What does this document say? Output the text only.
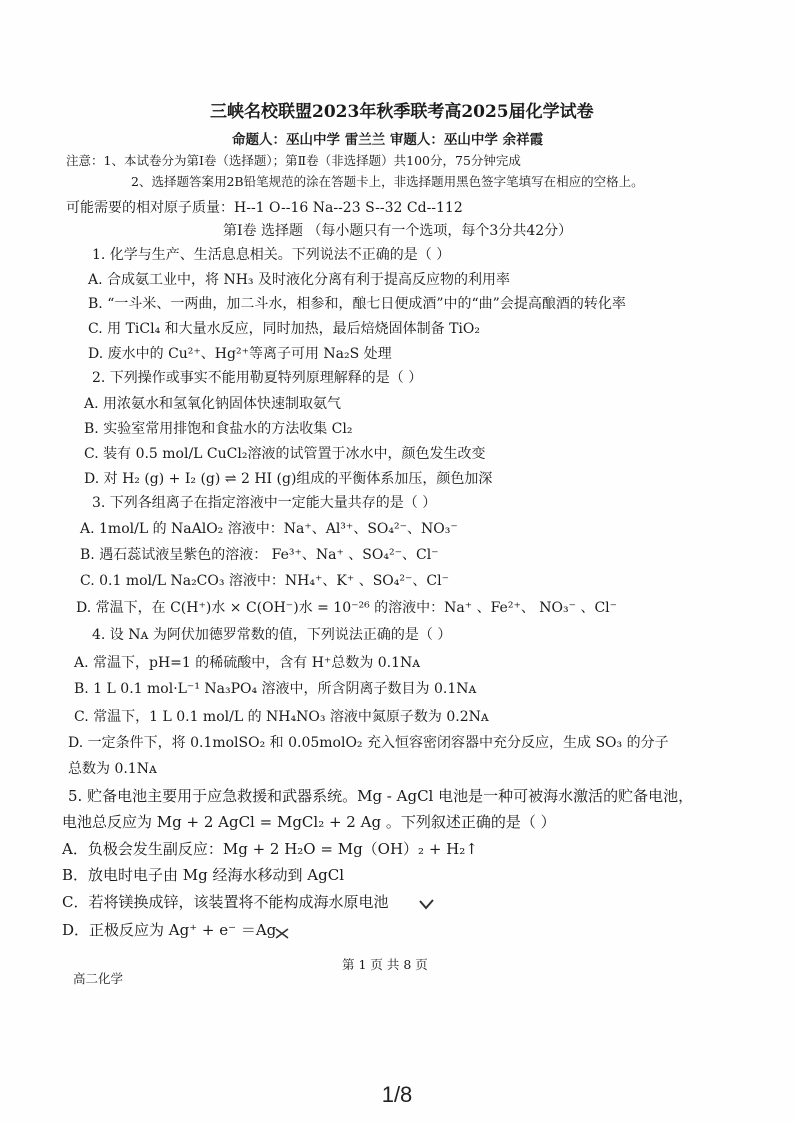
三峡名校联盟2023年秋季联考高2025届化学试卷
命题人：巫山中学 雷兰兰 审题人：巫山中学 余祥霞
注意：1、本试卷分为第Ⅰ卷（选择题）；第Ⅱ卷（非选择题）共100分，75分钟完成
2、选择题答案用2B铅笔规范的涂在答题卡上，非选择题用黑色签字笔填写在相应的空格上。
可能需要的相对原子质量：H--1 O--16 Na--23 S--32 Cd--112
第Ⅰ卷 选择题 （每小题只有一个选项，每个3分共42分）
1. 化学与生产、生活息息相关。下列说法不正确的是（ ）
A. 合成氨工业中，将 NH₃ 及时液化分离有利于提高反应物的利用率
B. “一斗米、一两曲，加二斗水，相参和，酿七日便成酒”中的“曲”会提高酿酒的转化率
C. 用 TiCl₄ 和大量水反应，同时加热，最后焙烧固体制备 TiO₂
D. 废水中的 Cu²⁺、Hg²⁺等离子可用 Na₂S 处理
2. 下列操作或事实不能用勒夏特列原理解释的是（ ）
A. 用浓氨水和氢氧化钠固体快速制取氨气
B. 实验室常用排饱和食盐水的方法收集 Cl₂
C. 装有 0.5 mol/L CuCl₂溶液的试管置于冰水中，颜色发生改变
D. 对 H₂ (g) + I₂ (g) ⇌ 2 HI (g)组成的平衡体系加压，颜色加深
3. 下列各组离子在指定溶液中一定能大量共存的是（ ）
A. 1mol/L 的 NaAlO₂ 溶液中：Na⁺、Al³⁺、SO₄²⁻、NO₃⁻
B. 遇石蕊试液呈紫色的溶液： Fe³⁺、Na⁺ 、SO₄²⁻、Cl⁻
C. 0.1 mol/L Na₂CO₃ 溶液中：NH₄⁺、K⁺ 、SO₄²⁻、Cl⁻
D. 常温下，在 C(H⁺)水 × C(OH⁻)水 = 10⁻²⁶ 的溶液中：Na⁺ 、Fe²⁺、 NO₃⁻ 、Cl⁻
4. 设 Nᴀ 为阿伏加德罗常数的值，下列说法正确的是（ ）
A. 常温下，pH=1 的稀硫酸中，含有 H⁺总数为 0.1Nᴀ
B. 1 L 0.1 mol·L⁻¹ Na₃PO₄ 溶液中，所含阴离子数目为 0.1Nᴀ
C. 常温下，1 L 0.1 mol/L 的 NH₄NO₃ 溶液中氮原子数为 0.2Nᴀ
D. 一定条件下，将 0.1molSO₂ 和 0.05molO₂ 充入恒容密闭容器中充分反应，生成 SO₃ 的分子
总数为 0.1Nᴀ
5. 贮备电池主要用于应急救援和武器系统。Mg - AgCl 电池是一种可被海水激活的贮备电池，
电池总反应为 Mg + 2 AgCl = MgCl₂ + 2 Ag 。下列叙述正确的是（ ）
A．负极会发生副反应：Mg + 2 H₂O = Mg（OH）₂ + H₂↑
B．放电时电子由 Mg 经海水移动到 AgCl
C．若将镁换成锌，该装置将不能构成海水原电池
D．正极反应为 Ag⁺ + e⁻ ＝Ag
第 1 页 共 8 页
高二化学
1/8
